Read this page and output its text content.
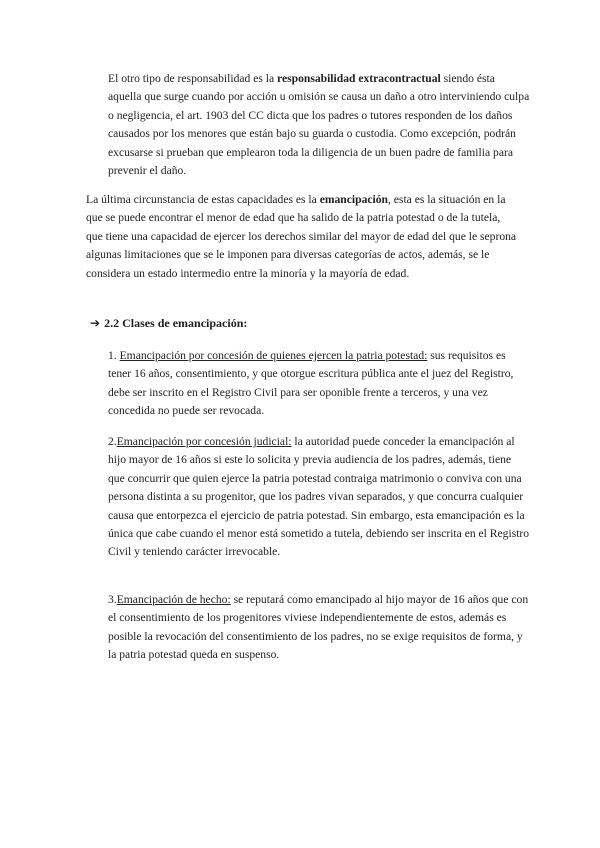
El otro tipo de responsabilidad es la responsabilidad extracontractual siendo ésta aquella que surge cuando por acción u omisión se causa un daño a otro interviniendo culpa o negligencia, el art. 1903 del CC dicta que los padres o tutores responden de los daños causados por los menores que están bajo su guarda o custodia. Como excepción, podrán excusarse si prueban que emplearon toda la diligencia de un buen padre de familia para prevenir el daño.

La última circunstancia de estas capacidades es la emancipación, esta es la situación en la que se puede encontrar el menor de edad que ha salido de la patria potestad o de la tutela, que tiene una capacidad de ejercer los derechos similar del mayor de edad del que le seprona algunas limitaciones que se le imponen para diversas categorías de actos, además, se le considera un estado intermedio entre la minoría y la mayoría de edad.

➔ 2.2 Clases de emancipación:

1. Emancipación por concesión de quienes ejercen la patria potestad: sus requisitos es tener 16 años, consentimiento, y que otorgue escritura pública ante el juez del Registro, debe ser inscrito en el Registro Civil para ser oponible frente a terceros, y una vez concedida no puede ser revocada.

2.Emancipación por concesión judicial: la autoridad puede conceder la emancipación al hijo mayor de 16 años si este lo solicita y previa audiencia de los padres, además, tiene que concurrir que quien ejerce la patria potestad contraiga matrimonio o conviva con una persona distinta a su progenitor, que los padres vivan separados, y que concurra cualquier causa que entorpezca el ejercicio de patria potestad. Sin embargo, esta emancipación es la única que cabe cuando el menor está sometido a tutela, debiendo ser inscrita en el Registro Civil y teniendo carácter irrevocable.

3.Emancipación de hecho: se reputará como emancipado al hijo mayor de 16 años que con el consentimiento de los progenitores viviese independientemente de estos, además es posible la revocación del consentimiento de los padres, no se exige requisitos de forma, y la patria potestad queda en suspenso.
